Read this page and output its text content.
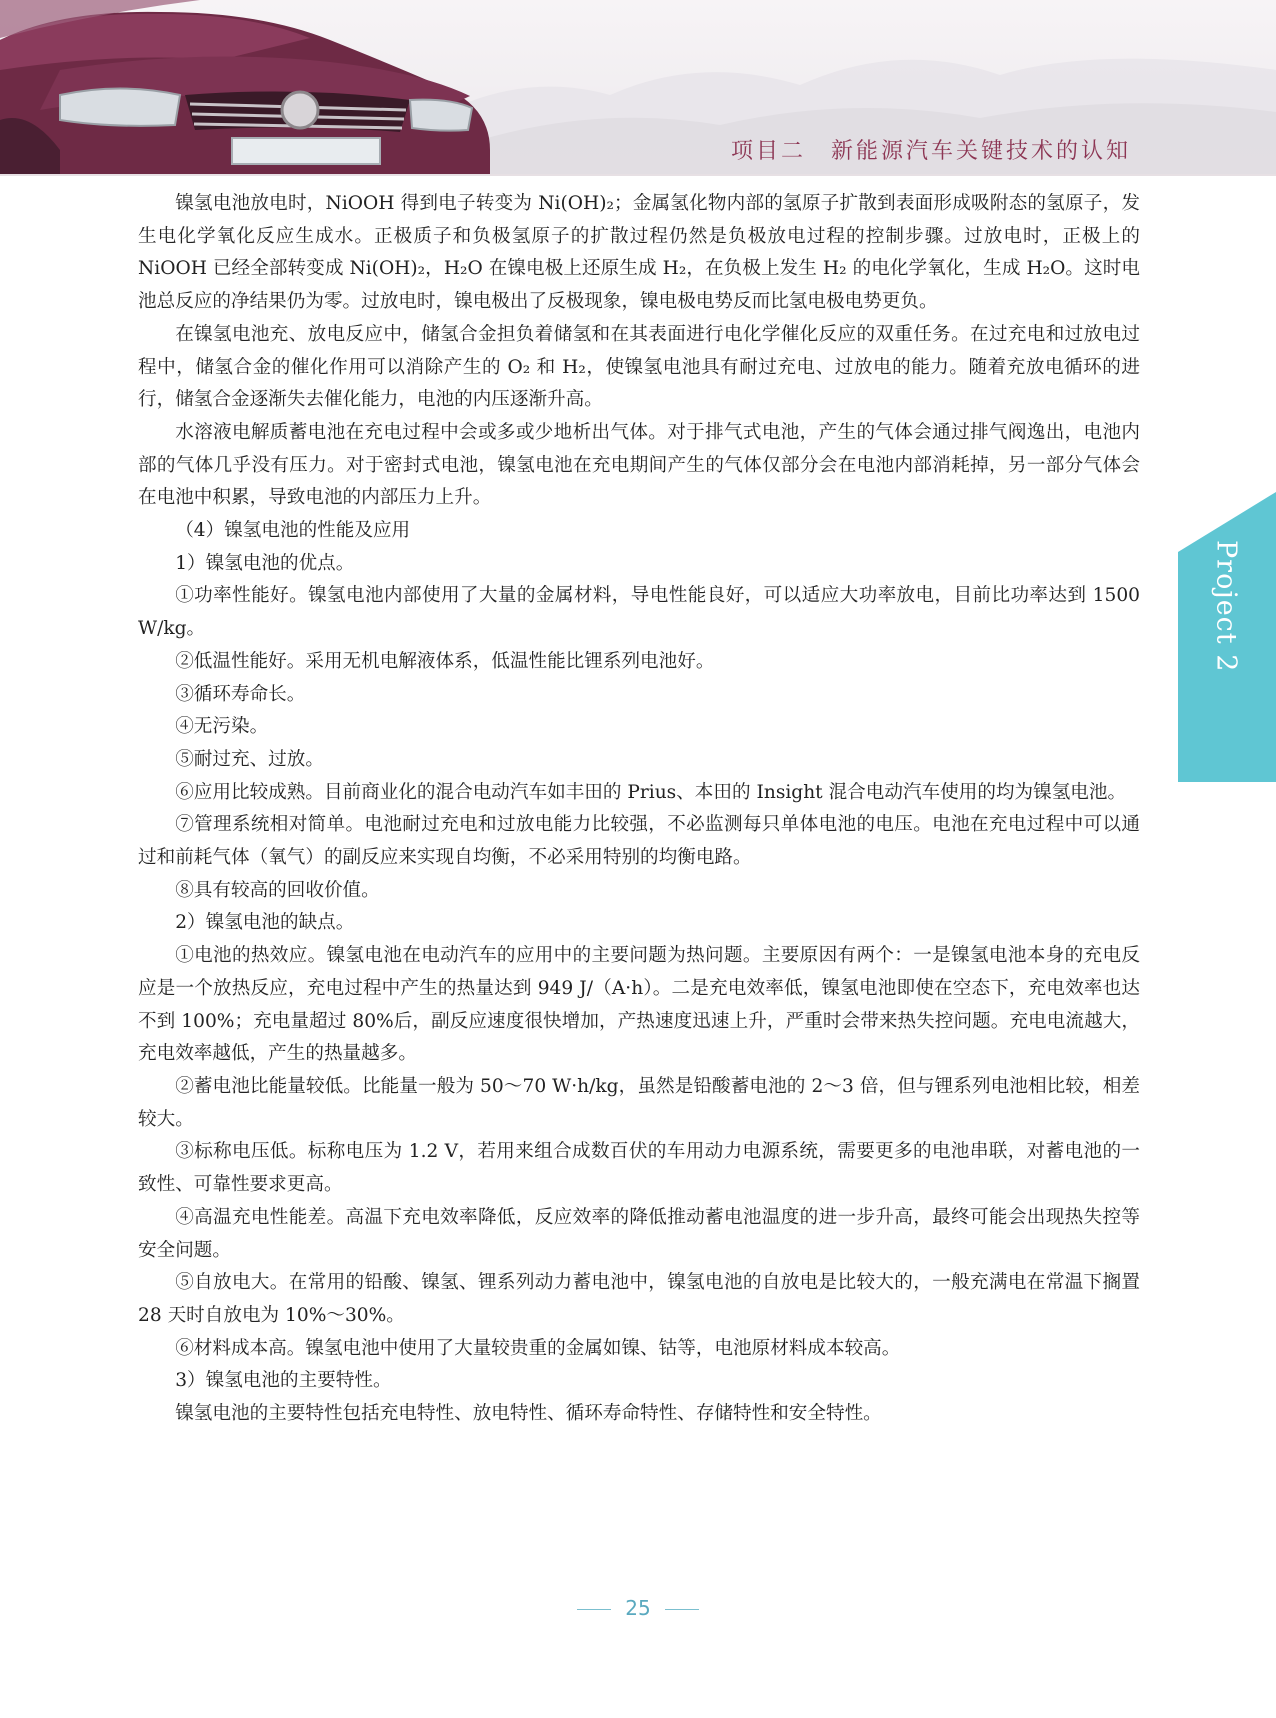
项目二　新能源汽车关键技术的认知

镍氢电池放电时，NiOOH 得到电子转变为 Ni(OH)₂；金属氢化物内部的氢原子扩散到表面形成吸附态的氢原子，发生电化学氧化反应生成水。正极质子和负极氢原子的扩散过程仍然是负极放电过程的控制步骤。过放电时，正极上的 NiOOH 已经全部转变成 Ni(OH)₂，H₂O 在镍电极上还原生成 H₂，在负极上发生 H₂ 的电化学氧化，生成 H₂O。这时电池总反应的净结果仍为零。过放电时，镍电极出了反极现象，镍电极电势反而比氢电极电势更负。

在镍氢电池充、放电反应中，储氢合金担负着储氢和在其表面进行电化学催化反应的双重任务。在过充电和过放电过程中，储氢合金的催化作用可以消除产生的 O₂ 和 H₂，使镍氢电池具有耐过充电、过放电的能力。随着充放电循环的进行，储氢合金逐渐失去催化能力，电池的内压逐渐升高。

水溶液电解质蓄电池在充电过程中会或多或少地析出气体。对于排气式电池，产生的气体会通过排气阀逸出，电池内部的气体几乎没有压力。对于密封式电池，镍氢电池在充电期间产生的气体仅部分会在电池内部消耗掉，另一部分气体会在电池中积累，导致电池的内部压力上升。

（4）镍氢电池的性能及应用

1）镍氢电池的优点。

①功率性能好。镍氢电池内部使用了大量的金属材料，导电性能良好，可以适应大功率放电，目前比功率达到 1500 W/kg。

②低温性能好。采用无机电解液体系，低温性能比锂系列电池好。

③循环寿命长。

④无污染。

⑤耐过充、过放。

⑥应用比较成熟。目前商业化的混合电动汽车如丰田的 Prius、本田的 Insight 混合电动汽车使用的均为镍氢电池。

⑦管理系统相对简单。电池耐过充电和过放电能力比较强，不必监测每只单体电池的电压。电池在充电过程中可以通过和前耗气体（氧气）的副反应来实现自均衡，不必采用特别的均衡电路。

⑧具有较高的回收价值。

2）镍氢电池的缺点。

①电池的热效应。镍氢电池在电动汽车的应用中的主要问题为热问题。主要原因有两个：一是镍氢电池本身的充电反应是一个放热反应，充电过程中产生的热量达到 949 J/（A·h）。二是充电效率低，镍氢电池即使在空态下，充电效率也达不到 100%；充电量超过 80%后，副反应速度很快增加，产热速度迅速上升，严重时会带来热失控问题。充电电流越大，充电效率越低，产生的热量越多。

②蓄电池比能量较低。比能量一般为 50～70 W·h/kg，虽然是铅酸蓄电池的 2～3 倍，但与锂系列电池相比较，相差较大。

③标称电压低。标称电压为 1.2 V，若用来组合成数百伏的车用动力电源系统，需要更多的电池串联，对蓄电池的一致性、可靠性要求更高。

④高温充电性能差。高温下充电效率降低，反应效率的降低推动蓄电池温度的进一步升高，最终可能会出现热失控等安全问题。

⑤自放电大。在常用的铅酸、镍氢、锂系列动力蓄电池中，镍氢电池的自放电是比较大的，一般充满电在常温下搁置 28 天时自放电为 10%～30%。

⑥材料成本高。镍氢电池中使用了大量较贵重的金属如镍、钴等，电池原材料成本较高。

3）镍氢电池的主要特性。

镍氢电池的主要特性包括充电特性、放电特性、循环寿命特性、存储特性和安全特性。

Project 2
25
